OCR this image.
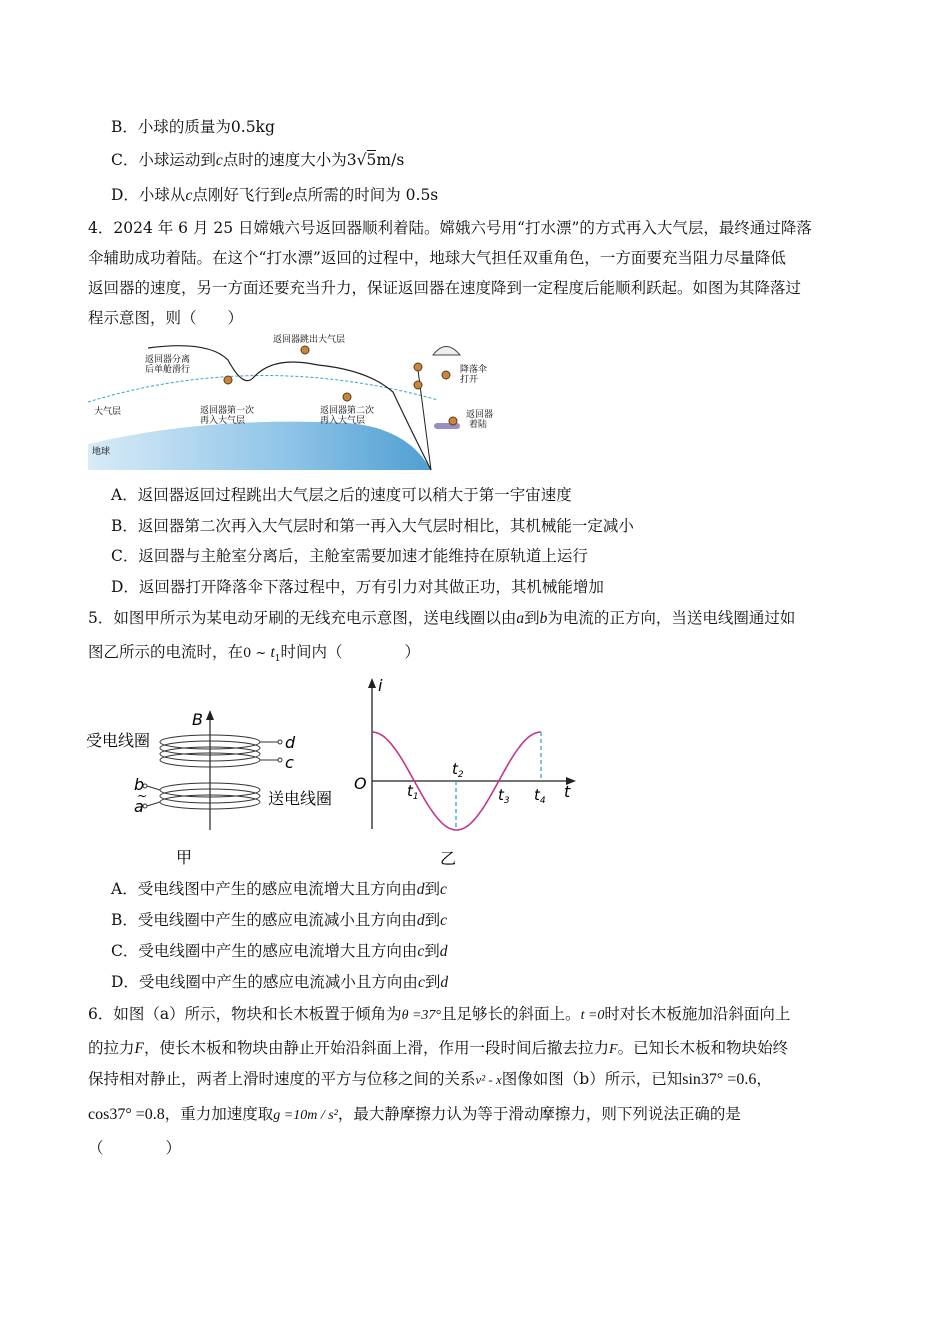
B．小球的质量为0.5kg
C．小球运动到c点时的速度大小为3√5m/s
D．小球从c点刚好飞行到e点所需的时间为 0.5s
4．2024 年 6 月 25 日嫦娥六号返回器顺利着陆。嫦娥六号用“打水漂”的方式再入大气层，最终通过降落
伞辅助成功着陆。在这个“打水漂”返回的过程中，地球大气担任双重角色，一方面要充当阻力尽量降低
返回器的速度，另一方面还要充当升力，保证返回器在速度降到一定程度后能顺利跃起。如图为其降落过
程示意图，则（　　）
返回器分离
后单舱滑行
返回器跳出大气层
返回器第一次
再入大气层
返回器第二次
再入大气层
降落伞
打开
返回器
着陆
大气层
地球
A．返回器返回过程跳出大气层之后的速度可以稍大于第一宇宙速度
B．返回器第二次再入大气层时和第一再入大气层时相比，其机械能一定减小
C．返回器与主舱室分离后，主舱室需要加速才能维持在原轨道上运行
D．返回器打开降落伞下落过程中，万有引力对其做正功，其机械能增加
5．如图甲所示为某电动牙刷的无线充电示意图，送电线圈以由a到b为电流的正方向，当送电线圈通过如
图乙所示的电流时，在0 ~ $t_1$时间内（　　　　）
受电线圈
送电线圈
B
d
c
b
~
a
甲
i
t
O	$t_1$
$t_2$
$t_3$ $t_4$
乙
A．受电线图中产生的感应电流增大且方向由d到c
B．受电线圈中产生的感应电流减小且方向由d到c
C．受电线圈中产生的感应电流增大且方向由c到d
D．受电线圈中产生的感应电流减小且方向由c到d
6．如图（a）所示，物块和长木板置于倾角为θ =37°且足够长的斜面上。t =0时对长木板施加沿斜面向上
的拉力F，使长木板和物块由静止开始沿斜面上滑，作用一段时间后撤去拉力F。已知长木板和物块始终
保持相对静止，两者上滑时速度的平方与位移之间的关系v² - x图像如图（b）所示，已知sin37° =0.6，
cos37° =0.8，重力加速度取g =10m / s²，最大静摩擦力认为等于滑动摩擦力，则下列说法正确的是
（　　　　）
